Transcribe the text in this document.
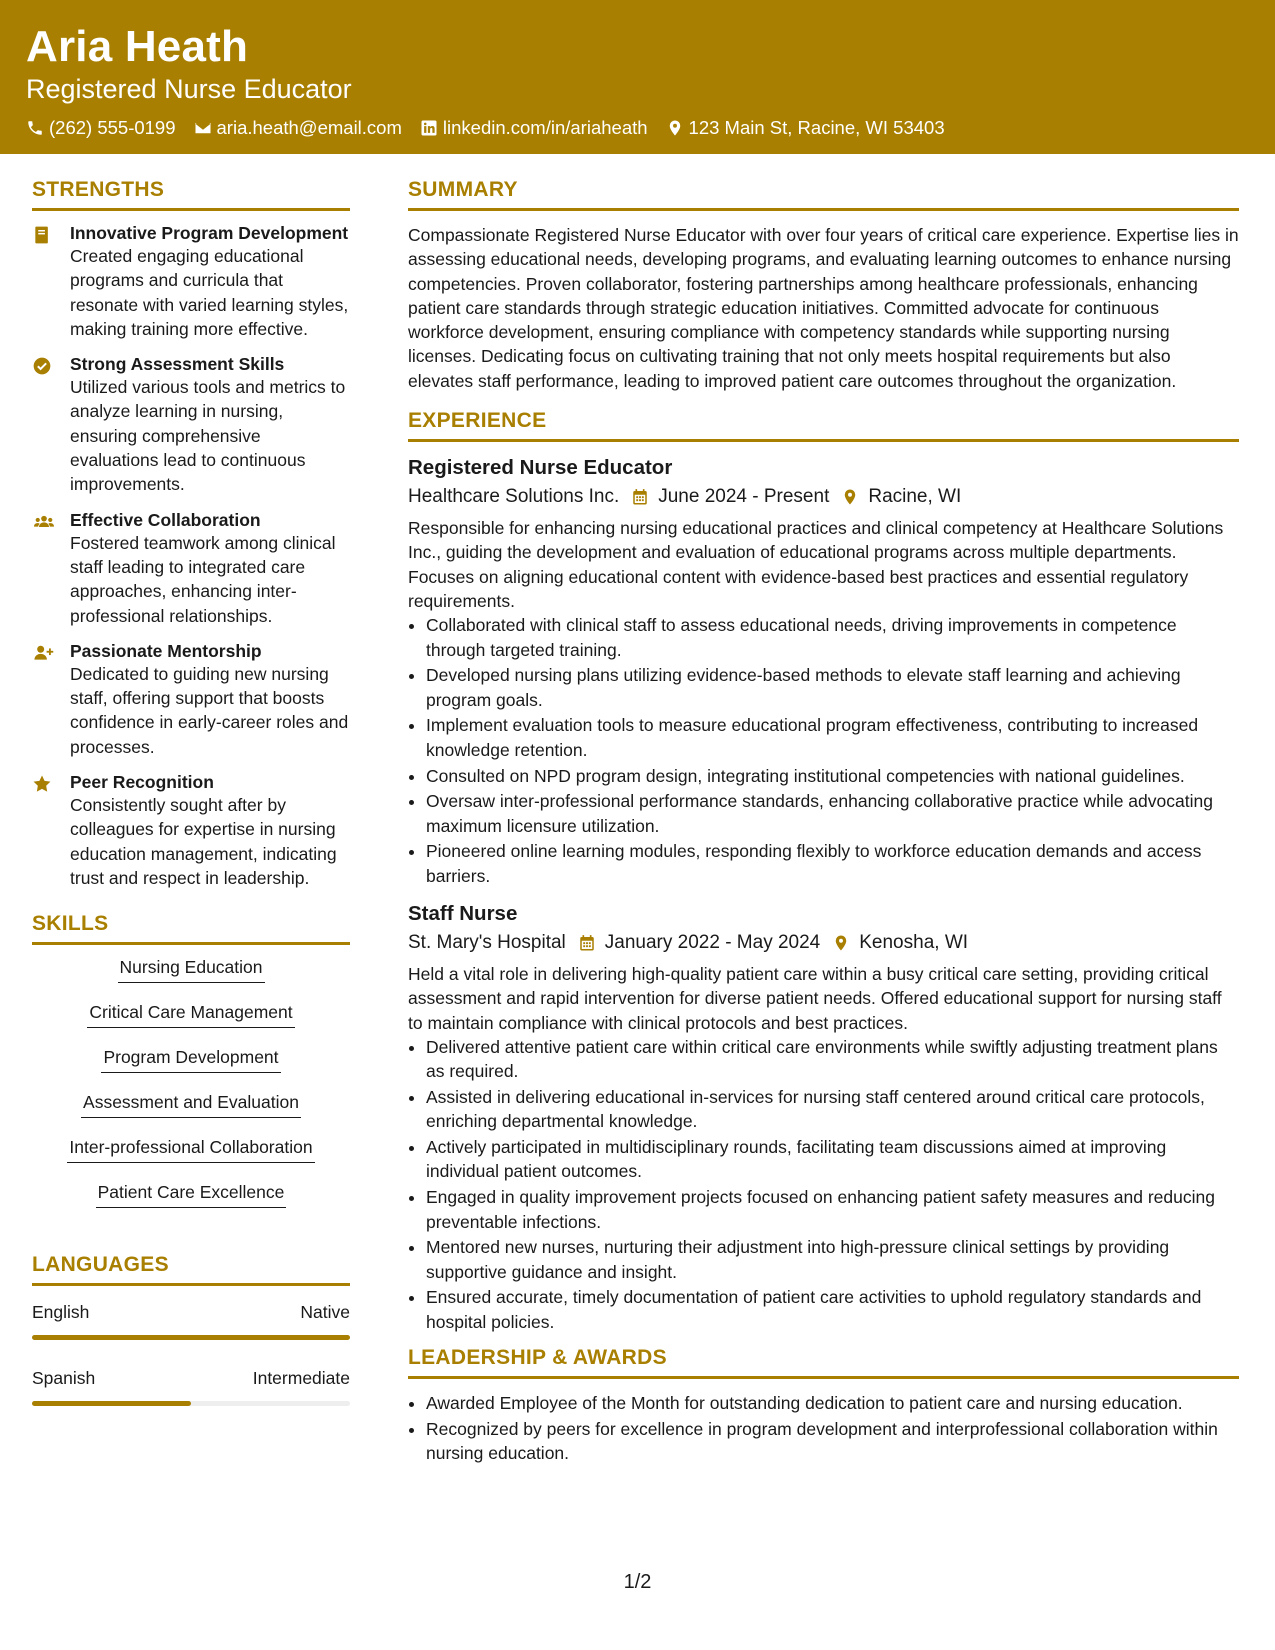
Aria Heath
Registered Nurse Educator
(262) 555-0199 aria.heath@email.com linkedin.com/in/ariaheath 123 Main St, Racine, WI 53403
STRENGTHS
Innovative Program Development
Created engaging educational programs and curricula that resonate with varied learning styles, making training more effective.
Strong Assessment Skills
Utilized various tools and metrics to analyze learning in nursing, ensuring comprehensive evaluations lead to continuous improvements.
Effective Collaboration
Fostered teamwork among clinical staff leading to integrated care approaches, enhancing inter-professional relationships.
Passionate Mentorship
Dedicated to guiding new nursing staff, offering support that boosts confidence in early-career roles and processes.
Peer Recognition
Consistently sought after by colleagues for expertise in nursing education management, indicating trust and respect in leadership.
SKILLS
Nursing Education
Critical Care Management
Program Development
Assessment and Evaluation
Inter-professional Collaboration
Patient Care Excellence
LANGUAGES
English	Native
Spanish	Intermediate
SUMMARY
Compassionate Registered Nurse Educator with over four years of critical care experience. Expertise lies in assessing educational needs, developing programs, and evaluating learning outcomes to enhance nursing competencies. Proven collaborator, fostering partnerships among healthcare professionals, enhancing patient care standards through strategic education initiatives. Committed advocate for continuous workforce development, ensuring compliance with competency standards while supporting nursing licenses. Dedicating focus on cultivating training that not only meets hospital requirements but also elevates staff performance, leading to improved patient care outcomes throughout the organization.
EXPERIENCE
Registered Nurse Educator
Healthcare Solutions Inc. June 2024 - Present Racine, WI
Responsible for enhancing nursing educational practices and clinical competency at Healthcare Solutions Inc., guiding the development and evaluation of educational programs across multiple departments. Focuses on aligning educational content with evidence-based best practices and essential regulatory requirements.
• Collaborated with clinical staff to assess educational needs, driving improvements in competence through targeted training.
• Developed nursing plans utilizing evidence-based methods to elevate staff learning and achieving program goals.
• Implement evaluation tools to measure educational program effectiveness, contributing to increased knowledge retention.
• Consulted on NPD program design, integrating institutional competencies with national guidelines.
• Oversaw inter-professional performance standards, enhancing collaborative practice while advocating maximum licensure utilization.
• Pioneered online learning modules, responding flexibly to workforce education demands and access barriers.
Staff Nurse
St. Mary's Hospital January 2022 - May 2024 Kenosha, WI
Held a vital role in delivering high-quality patient care within a busy critical care setting, providing critical assessment and rapid intervention for diverse patient needs. Offered educational support for nursing staff to maintain compliance with clinical protocols and best practices.
• Delivered attentive patient care within critical care environments while swiftly adjusting treatment plans as required.
• Assisted in delivering educational in-services for nursing staff centered around critical care protocols, enriching departmental knowledge.
• Actively participated in multidisciplinary rounds, facilitating team discussions aimed at improving individual patient outcomes.
• Engaged in quality improvement projects focused on enhancing patient safety measures and reducing preventable infections.
• Mentored new nurses, nurturing their adjustment into high-pressure clinical settings by providing supportive guidance and insight.
• Ensured accurate, timely documentation of patient care activities to uphold regulatory standards and hospital policies.
LEADERSHIP & AWARDS
• Awarded Employee of the Month for outstanding dedication to patient care and nursing education.
• Recognized by peers for excellence in program development and interprofessional collaboration within nursing education.
1/2
